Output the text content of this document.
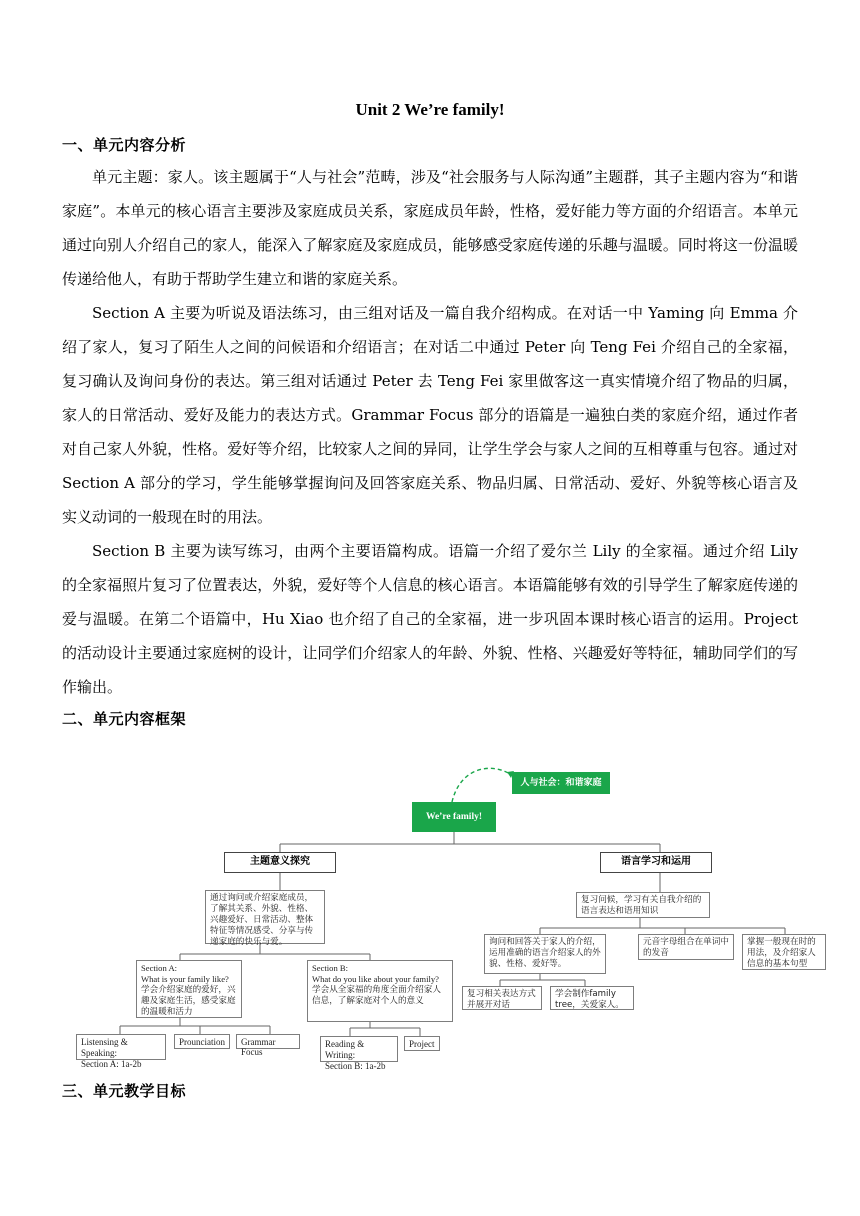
Unit 2 We’re family!
一、单元内容分析

单元主题：家人。该主题属于“人与社会”范畴，涉及“社会服务与人际沟通”主题群，其子主题内容为“和谐家庭”。本单元的核心语言主要涉及家庭成员关系，家庭成员年龄，性格，爱好能力等方面的介绍语言。本单元通过向别人介绍自己的家人，能深入了解家庭及家庭成员，能够感受家庭传递的乐趣与温暖。同时将这一份温暖传递给他人，有助于帮助学生建立和谐的家庭关系。

Section A 主要为听说及语法练习，由三组对话及一篇自我介绍构成。在对话一中 Yaming 向 Emma 介绍了家人，复习了陌生人之间的问候语和介绍语言；在对话二中通过 Peter 向 Teng Fei 介绍自己的全家福，复习确认及询问身份的表达。第三组对话通过 Peter 去 Teng Fei 家里做客这一真实情境介绍了物品的归属，家人的日常活动、爱好及能力的表达方式。Grammar Focus 部分的语篇是一遍独白类的家庭介绍，通过作者对自己家人外貌，性格。爱好等介绍，比较家人之间的异同，让学生学会与家人之间的互相尊重与包容。通过对 Section A 部分的学习，学生能够掌握询问及回答家庭关系、物品归属、日常活动、爱好、外貌等核心语言及实义动词的一般现在时的用法。

Section B 主要为读写练习，由两个主要语篇构成。语篇一介绍了爱尔兰 Lily 的全家福。通过介绍 Lily 的全家福照片复习了位置表达，外貌，爱好等个人信息的核心语言。本语篇能够有效的引导学生了解家庭传递的爱与温暖。在第二个语篇中，Hu Xiao 也介绍了自己的全家福，进一步巩固本课时核心语言的运用。Project 的活动设计主要通过家庭树的设计，让同学们介绍家人的年龄、外貌、性格、兴趣爱好等特征，辅助同学们的写作输出。

二、单元内容框架
人与社会：和谐家庭
We’re family!
主题意义探究	语言学习和运用
通过询问或介绍家庭成员，了解其关系、外貌、性格、兴趣爱好、日常活动、整体特征等情况感受、分享与传递家庭的快乐与爱。
Section A:
What is your family like?
学会介绍家庭的爱好，兴趣及家庭生活，感受家庭的温暖和活力
Section B:
What do you like about your family?
学会从全家福的角度全面介绍家人信息，了解家庭对个人的意义
Listensing & Speaking:
Section A: 1a-2b
Prounciation	Grammar Focus
Reading & Writing:
Section B: 1a-2b
Project
复习问候，学习有关自我介绍的语言表达和语用知识
询问和回答关于家人的介绍，运用准确的语言介绍家人的外貌、性格、爱好等。
元音字母组合在单词中的发音
掌握一般现在时的用法，及介绍家人信息的基本句型
复习相关表达方式并展开对话
学会制作family tree，关爱家人。
三、单元教学目标
